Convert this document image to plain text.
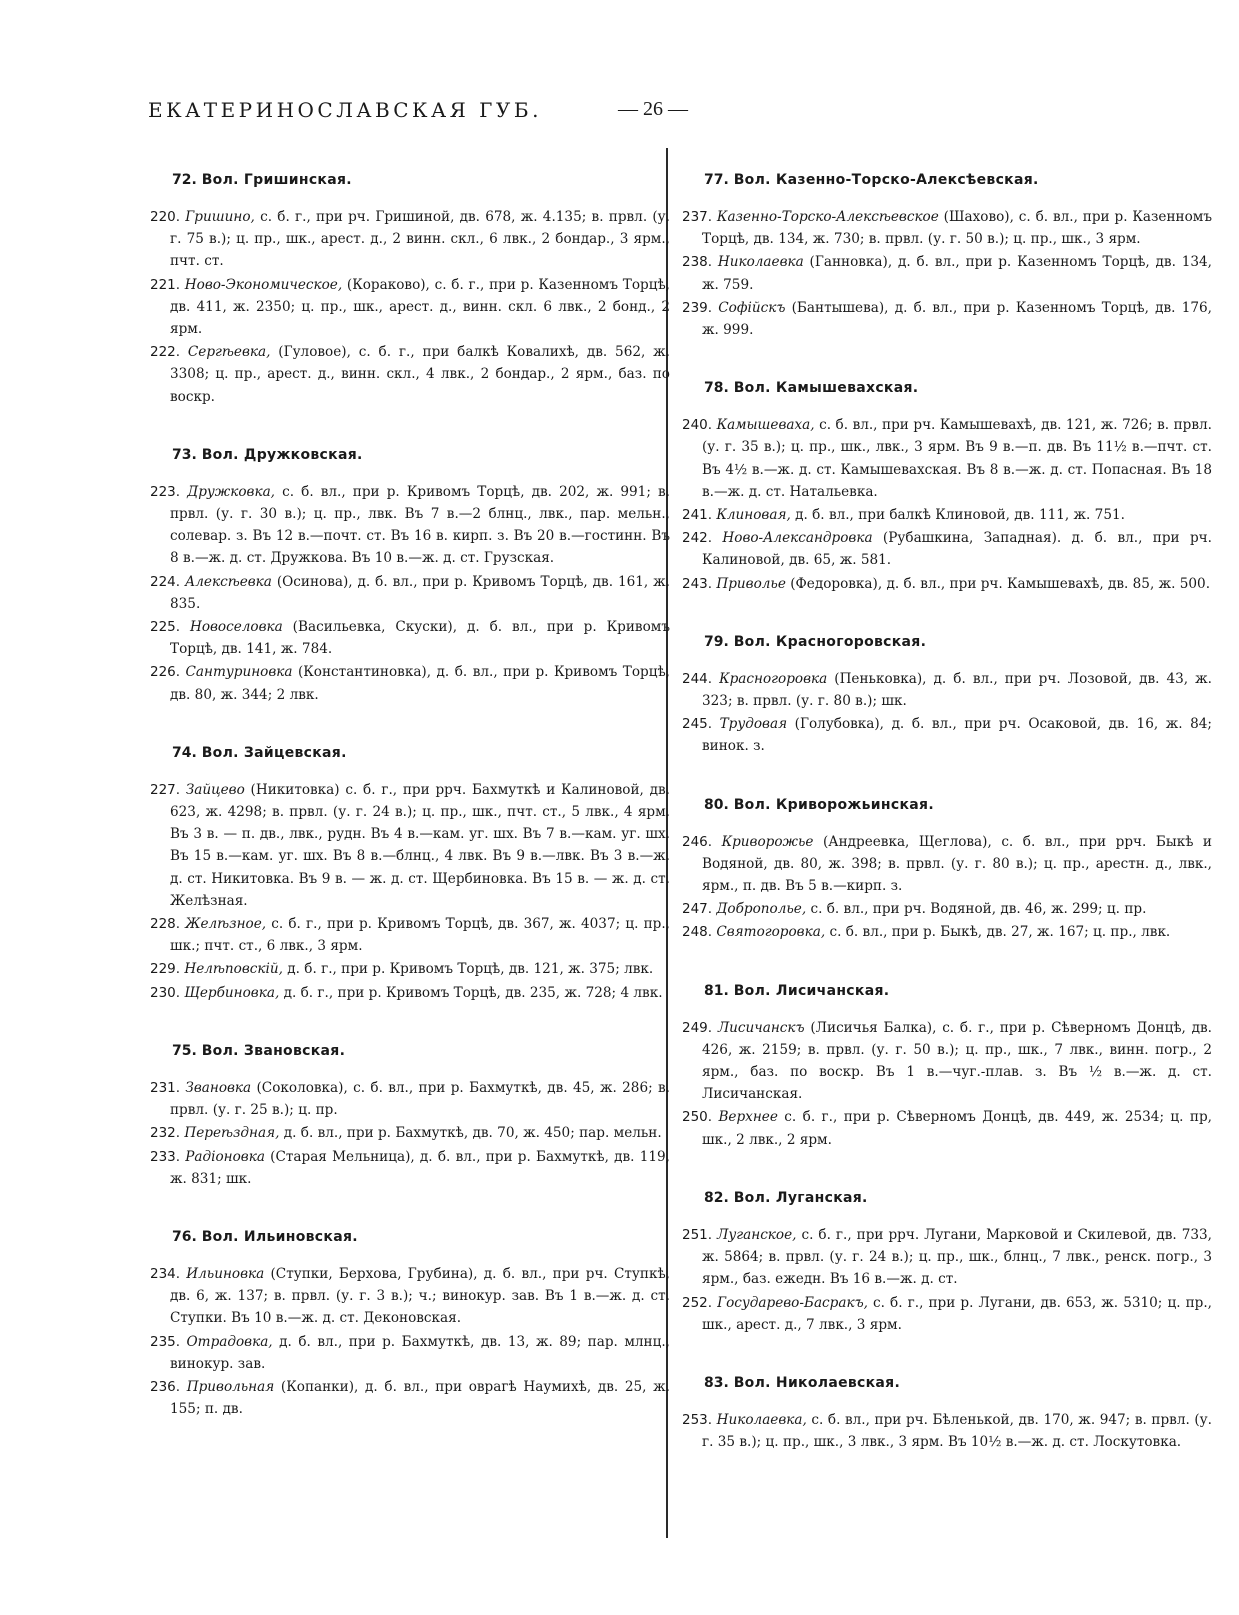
ЕКАТЕРИНОСЛАВСКАЯ ГУБ.	— 26 —
72. Вол. Гришинская.
220. Гришино, с. б. г., при рч. Гришиной, дв. 678, ж. 4.135; в. првл. (у. г. 75 в.); ц. пр., шк., арест. д., 2 винн. скл., 6 лвк., 2 бондар., 3 ярм., пчт. ст.
221. Ново-Экономическое, (Кораково), с. б. г., при р. Казенномъ Торцѣ, дв. 411, ж. 2350; ц. пр., шк., арест. д., винн. скл. 6 лвк., 2 бонд., 2 ярм.
222. Сергѣевка, (Гуловое), с. б. г., при балкѣ Ковалихѣ, дв. 562, ж. 3308; ц. пр., арест. д., винн. скл., 4 лвк., 2 бондар., 2 ярм., баз. по воскр.
73. Вол. Дружковская.
223. Дружковка, с. б. вл., при р. Кривомъ Торцѣ, дв. 202, ж. 991; в. првл. (у. г. 30 в.); ц. пр., лвк. Въ 7 в.—2 блнц., лвк., пар. мельн., солевар. з. Въ 12 в.—почт. ст. Въ 16 в. кирп. з. Въ 20 в.—гостинн. Въ 8 в.—ж. д. ст. Дружкова. Въ 10 в.—ж. д. ст. Грузская.
224. Алексѣевка (Осинова), д. б. вл., при р. Кривомъ Торцѣ, дв. 161, ж. 835.
225. Новоселовка (Васильевка, Скуски), д. б. вл., при р. Кривомъ Торцѣ, дв. 141, ж. 784.
226. Сантуриновка (Константиновка), д. б. вл., при р. Кривомъ Торцѣ, дв. 80, ж. 344; 2 лвк.
74. Вол. Зайцевская.
227. Зайцево (Никитовка) с. б. г., при ррч. Бахмуткѣ и Калиновой, дв. 623, ж. 4298; в. првл. (у. г. 24 в.); ц. пр., шк., пчт. ст., 5 лвк., 4 ярм. Въ 3 в. — п. дв., лвк., рудн. Въ 4 в.—кам. уг. шх. Въ 7 в.—кам. уг. шх. Въ 15 в.—кам. уг. шх. Въ 8 в.—блнц., 4 лвк. Въ 9 в.—лвк. Въ 3 в.—ж. д. ст. Никитовка. Въ 9 в. — ж. д. ст. Щербиновка. Въ 15 в. — ж. д. ст. Желѣзная.
228. Желѣзное, с. б. г., при р. Кривомъ Торцѣ, дв. 367, ж. 4037; ц. пр., шк.; пчт. ст., 6 лвк., 3 ярм.
229. Нелѣповскій, д. б. г., при р. Кривомъ Торцѣ, дв. 121, ж. 375; лвк.
230. Щербиновка, д. б. г., при р. Кривомъ Торцѣ, дв. 235, ж. 728; 4 лвк.
75. Вол. Звановская.
231. Звановка (Соколовка), с. б. вл., при р. Бахмуткѣ, дв. 45, ж. 286; в. првл. (у. г. 25 в.); ц. пр.
232. Переѣздная, д. б. вл., при р. Бахмуткѣ, дв. 70, ж. 450; пар. мельн.
233. Радіоновка (Старая Мельница), д. б. вл., при р. Бахмуткѣ, дв. 119, ж. 831; шк.
76. Вол. Ильиновская.
234. Ильиновка (Ступки, Берхова, Грубина), д. б. вл., при рч. Ступкѣ, дв. 6, ж. 137; в. првл. (у. г. 3 в.); ч.; винокур. зав. Въ 1 в.—ж. д. ст. Ступки. Въ 10 в.—ж. д. ст. Деконовская.
235. Отрадовка, д. б. вл., при р. Бахмуткѣ, дв. 13, ж. 89; пар. млнц., винокур. зав.
236. Привольная (Копанки), д. б. вл., при оврагѣ Наумихѣ, дв. 25, ж. 155; п. дв.
77. Вол. Казенно-Торско-Алексѣевская.
237. Казенно-Торско-Алексѣевское (Шахово), с. б. вл., при р. Казенномъ Торцѣ, дв. 134, ж. 730; в. првл. (у. г. 50 в.); ц. пр., шк., 3 ярм.
238. Николаевка (Ганновка), д. б. вл., при р. Казенномъ Торцѣ, дв. 134, ж. 759.
239. Софійскъ (Бантышева), д. б. вл., при р. Казенномъ Торцѣ, дв. 176, ж. 999.
78. Вол. Камышевахская.
240. Камышеваха, с. б. вл., при рч. Камышевахѣ, дв. 121, ж. 726; в. првл. (у. г. 35 в.); ц. пр., шк., лвк., 3 ярм. Въ 9 в.—п. дв. Въ 11½ в.—пчт. ст. Въ 4½ в.—ж. д. ст. Камышевахская. Въ 8 в.—ж. д. ст. Попасная. Въ 18 в.—ж. д. ст. Натальевка.
241. Клиновая, д. б. вл., при балкѣ Клиновой, дв. 111, ж. 751.
242. Ново-Александровка (Рубашкина, Западная). д. б. вл., при рч. Калиновой, дв. 65, ж. 581.
243. Приволье (Федоровка), д. б. вл., при рч. Камышевахѣ, дв. 85, ж. 500.
79. Вол. Красногоровская.
244. Красногоровка (Пеньковка), д. б. вл., при рч. Лозовой, дв. 43, ж. 323; в. првл. (у. г. 80 в.); шк.
245. Трудовая (Голубовка), д. б. вл., при рч. Осаковой, дв. 16, ж. 84; винок. з.
80. Вол. Криворожьинская.
246. Криворожье (Андреевка, Щеглова), с. б. вл., при ррч. Быкѣ и Водяной, дв. 80, ж. 398; в. првл. (у. г. 80 в.); ц. пр., арестн. д., лвк., ярм., п. дв. Въ 5 в.—кирп. з.
247. Доброполье, с. б. вл., при рч. Водяной, дв. 46, ж. 299; ц. пр.
248. Святогоровка, с. б. вл., при р. Быкѣ, дв. 27, ж. 167; ц. пр., лвк.
81. Вол. Лисичанская.
249. Лисичанскъ (Лисичья Балка), с. б. г., при р. Сѣверномъ Донцѣ, дв. 426, ж. 2159; в. првл. (у. г. 50 в.); ц. пр., шк., 7 лвк., винн. погр., 2 ярм., баз. по воскр. Въ 1 в.—чуг.-плав. з. Въ ½ в.—ж. д. ст. Лисичанская.
250. Верхнее с. б. г., при р. Сѣверномъ Донцѣ, дв. 449, ж. 2534; ц. пр, шк., 2 лвк., 2 ярм.
82. Вол. Луганская.
251. Луганское, с. б. г., при ррч. Лугани, Марковой и Скилевой, дв. 733, ж. 5864; в. првл. (у. г. 24 в.); ц. пр., шк., блнц., 7 лвк., ренск. погр., 3 ярм., баз. ежедн. Въ 16 в.—ж. д. ст.
252. Государево-Басракъ, с. б. г., при р. Лугани, дв. 653, ж. 5310; ц. пр., шк., арест. д., 7 лвк., 3 ярм.
83. Вол. Николаевская.
253. Николаевка, с. б. вл., при рч. Бѣленькой, дв. 170, ж. 947; в. првл. (у. г. 35 в.); ц. пр., шк., 3 лвк., 3 ярм. Въ 10½ в.—ж. д. ст. Лоскутовка.
